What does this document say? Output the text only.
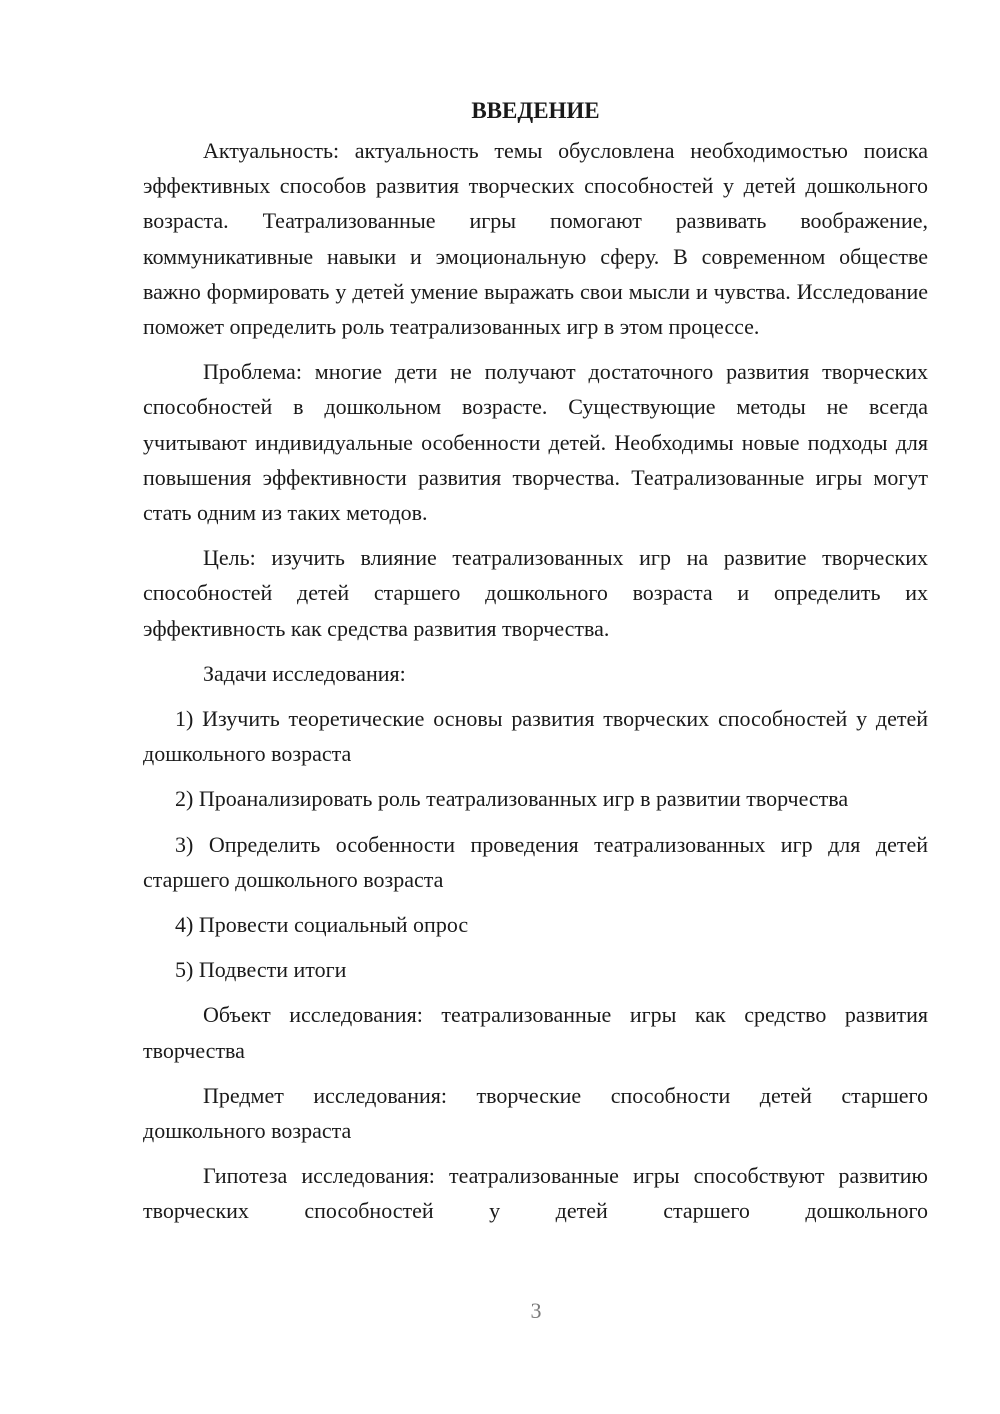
ВВЕДЕНИЕ

Актуальность: актуальность темы обусловлена необходимостью поиска эффективных способов развития творческих способностей у детей дошкольного возраста. Театрализованные игры помогают развивать воображение, коммуникативные навыки и эмоциональную сферу. В современном обществе важно формировать у детей умение выражать свои мысли и чувства. Исследование поможет определить роль театрализованных игр в этом процессе.

Проблема: многие дети не получают достаточного развития творческих способностей в дошкольном возрасте. Существующие методы не всегда учитывают индивидуальные особенности детей. Необходимы новые подходы для повышения эффективности развития творчества. Театрализованные игры могут стать одним из таких методов.

Цель: изучить влияние театрализованных игр на развитие творческих способностей детей старшего дошкольного возраста и определить их эффективность как средства развития творчества.

Задачи исследования:

1) Изучить теоретические основы развития творческих способностей у детей дошкольного возраста

2) Проанализировать роль театрализованных игр в развитии творчества

3) Определить особенности проведения театрализованных игр для детей старшего дошкольного возраста

4) Провести социальный опрос

5) Подвести итоги

Объект исследования: театрализованные игры как средство развития творчества

Предмет исследования: творческие способности детей старшего дошкольного возраста

Гипотеза исследования: театрализованные игры способствуют развитию творческих способностей у детей старшего дошкольного

3
